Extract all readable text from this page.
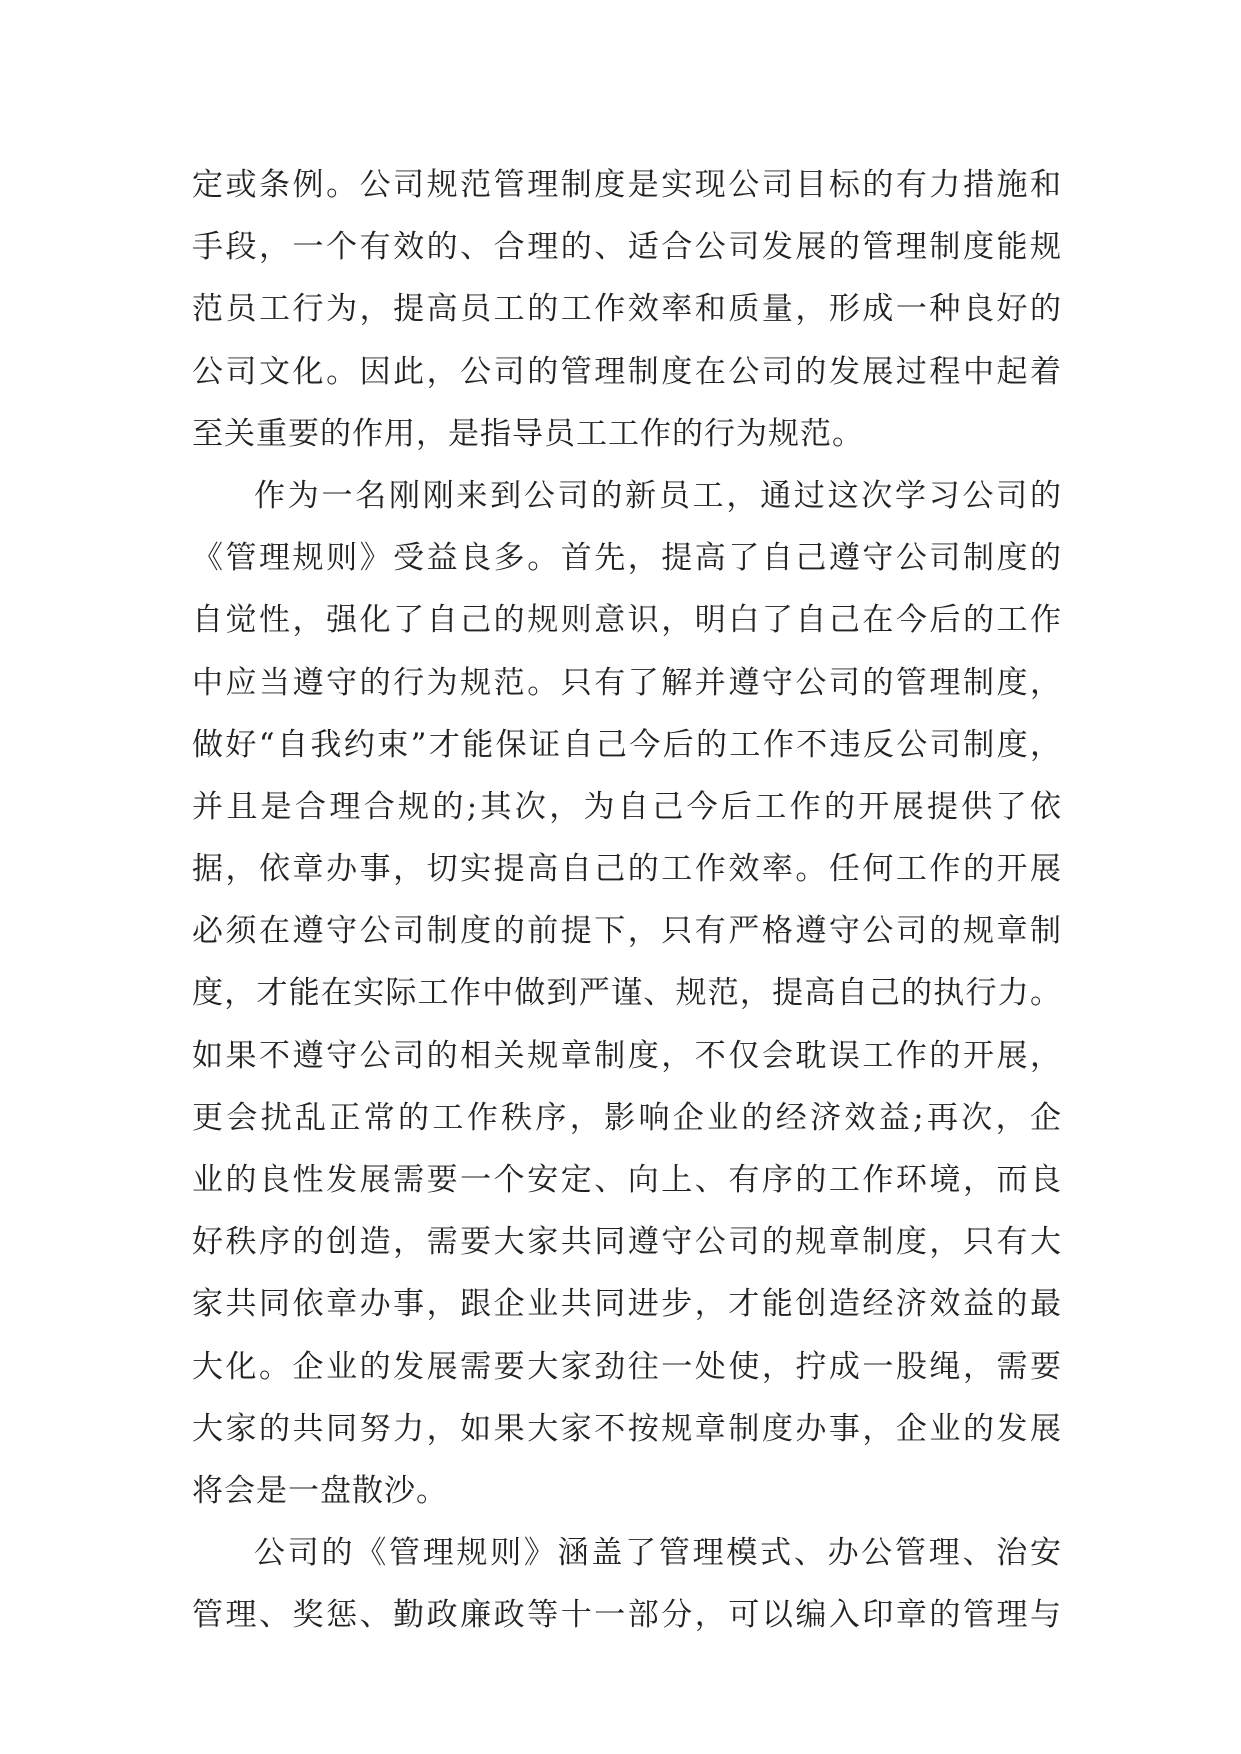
定或条例。公司规范管理制度是实现公司目标的有力措施和
手段，一个有效的、合理的、适合公司发展的管理制度能规
范员工行为，提高员工的工作效率和质量，形成一种良好的
公司文化。因此，公司的管理制度在公司的发展过程中起着
至关重要的作用，是指导员工工作的行为规范。
作为一名刚刚来到公司的新员工，通过这次学习公司的
《管理规则》受益良多。首先，提高了自己遵守公司制度的
自觉性，强化了自己的规则意识，明白了自己在今后的工作
中应当遵守的行为规范。只有了解并遵守公司的管理制度，
做好“自我约束”才能保证自己今后的工作不违反公司制度，
并且是合理合规的;其次，为自己今后工作的开展提供了依
据，依章办事，切实提高自己的工作效率。任何工作的开展
必须在遵守公司制度的前提下，只有严格遵守公司的规章制
度，才能在实际工作中做到严谨、规范，提高自己的执行力。
如果不遵守公司的相关规章制度，不仅会耽误工作的开展，
更会扰乱正常的工作秩序，影响企业的经济效益;再次，企
业的良性发展需要一个安定、向上、有序的工作环境，而良
好秩序的创造，需要大家共同遵守公司的规章制度，只有大
家共同依章办事，跟企业共同进步，才能创造经济效益的最
大化。企业的发展需要大家劲往一处使，拧成一股绳，需要
大家的共同努力，如果大家不按规章制度办事，企业的发展
将会是一盘散沙。
公司的《管理规则》涵盖了管理模式、办公管理、治安
管理、奖惩、勤政廉政等十一部分，可以编入印章的管理与
